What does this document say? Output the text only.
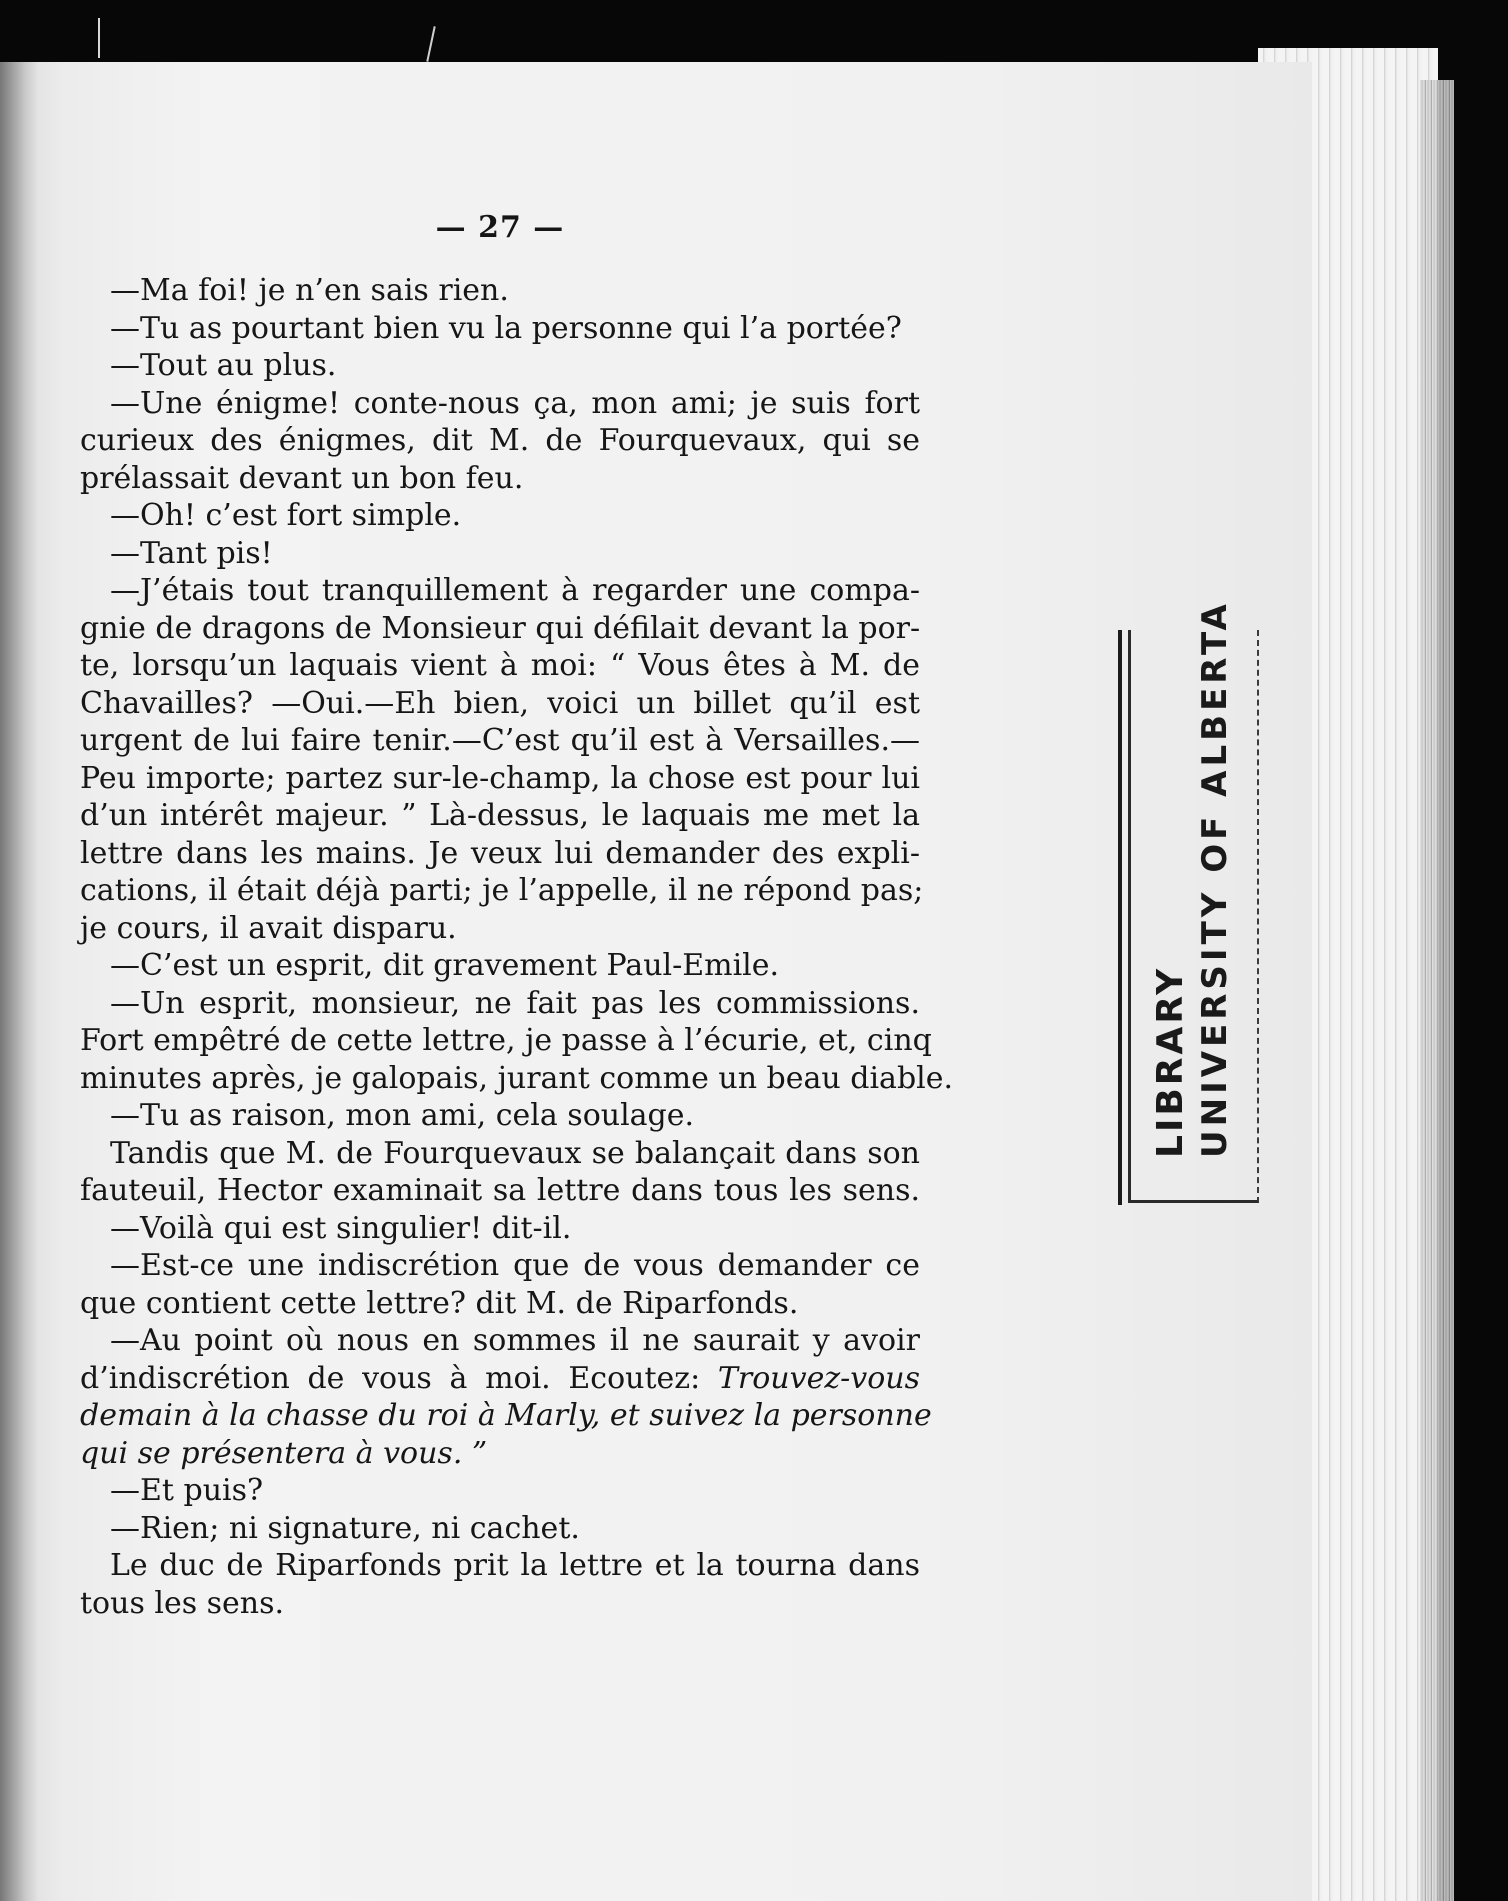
— 27 —
—Ma foi! je n’en sais rien.
—Tu as pourtant bien vu la personne qui l’a portée?
—Tout au plus.
—Une énigme! conte-nous ça, mon ami; je suis fort
curieux des énigmes, dit M. de Fourquevaux, qui se
prélassait devant un bon feu.
—Oh! c’est fort simple.
—Tant pis!
—J’étais tout tranquillement à regarder une compa-
gnie de dragons de Monsieur qui défilait devant la por-
te, lorsqu’un laquais vient à moi: “ Vous êtes à M. de
Chavailles? —Oui.—Eh bien, voici un billet qu’il est
urgent de lui faire tenir.—C’est qu’il est à Versailles.—
Peu importe; partez sur-le-champ, la chose est pour lui
d’un intérêt majeur. ” Là-dessus, le laquais me met la
lettre dans les mains. Je veux lui demander des expli-
cations, il était déjà parti; je l’appelle, il ne répond pas;
je cours, il avait disparu.
—C’est un esprit, dit gravement Paul-Emile.
—Un esprit, monsieur, ne fait pas les commissions.
Fort empêtré de cette lettre, je passe à l’écurie, et, cinq
minutes après, je galopais, jurant comme un beau diable.
—Tu as raison, mon ami, cela soulage.
Tandis que M. de Fourquevaux se balançait dans son
fauteuil, Hector examinait sa lettre dans tous les sens.
—Voilà qui est singulier! dit-il.
—Est-ce une indiscrétion que de vous demander ce
que contient cette lettre? dit M. de Riparfonds.
—Au point où nous en sommes il ne saurait y avoir
d’indiscrétion de vous à moi. Ecoutez: Trouvez-vous
demain à la chasse du roi à Marly, et suivez la personne
qui se présentera à vous. ”
—Et puis?
—Rien; ni signature, ni cachet.
Le duc de Riparfonds prit la lettre et la tourna dans
tous les sens.
LIBRARY UNIVERSITY OF ALBERTA
